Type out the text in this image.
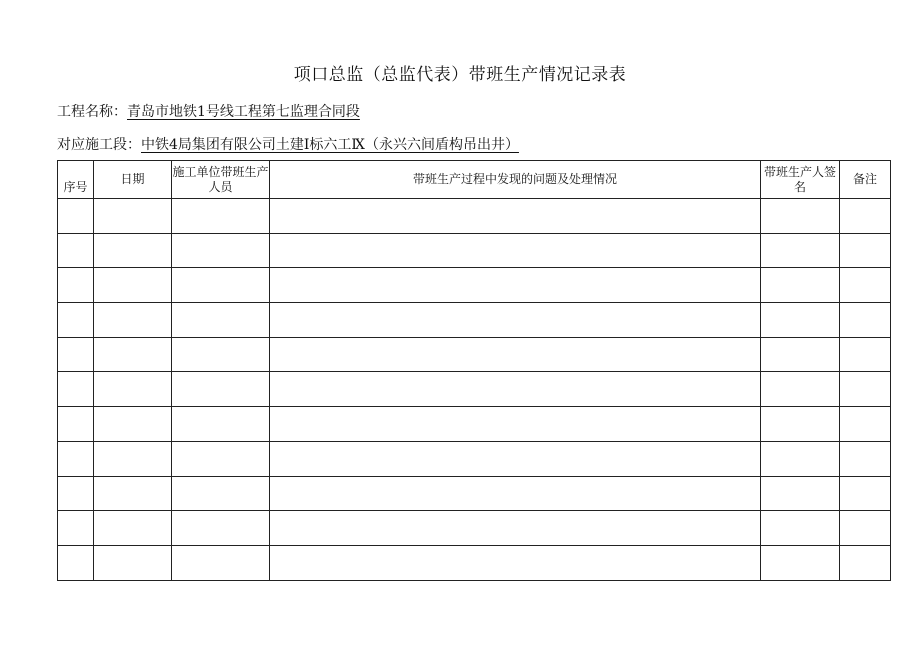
项口总监（总监代表）带班生产情况记录表
工程名称：青岛市地铁1号线工程第七监理合同段
对应施工段：中铁4局集团有限公司土建Ⅰ标六工Ⅸ（永兴六间盾构吊出井）
序号	日期	施工单位带班生产人员	带班生产过程中发现的问题及处理情况	带班生产人签名	备注
